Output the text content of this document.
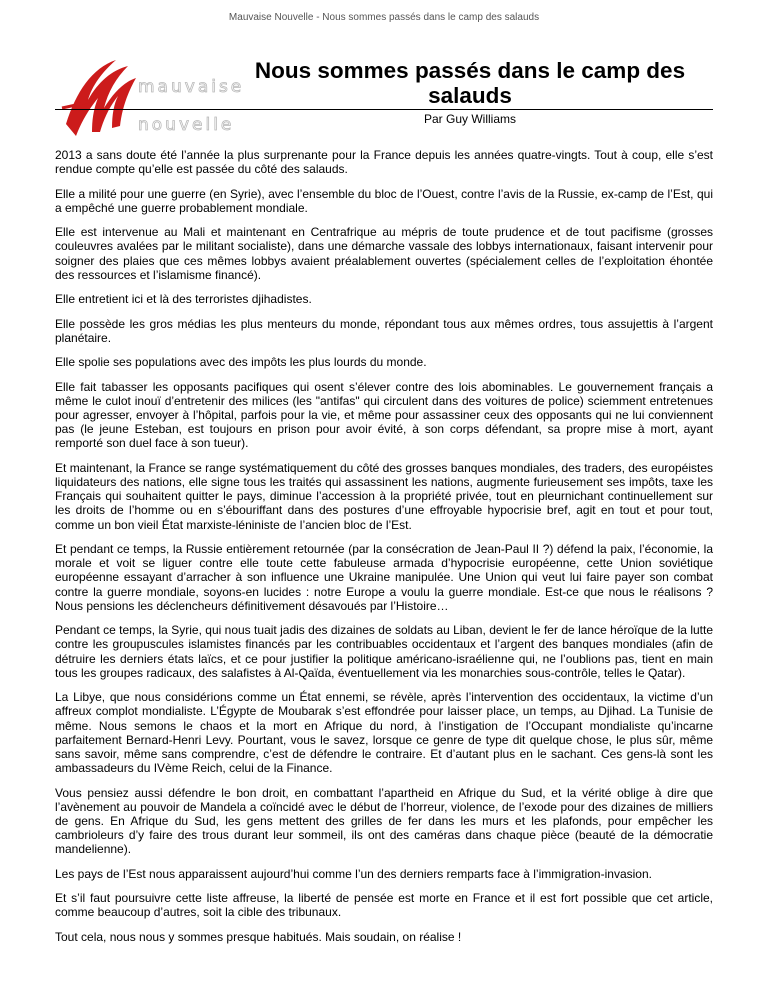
Mauvaise Nouvelle - Nous sommes passés dans le camp des salauds
mauvaise
nouvelle
Nous sommes passés dans le camp des salauds
Par Guy Williams

2013 a sans doute été l’année la plus surprenante pour la France depuis les années quatre-vingts. Tout à coup, elle s’est rendue compte qu’elle est passée du côté des salauds.

Elle a milité pour une guerre (en Syrie), avec l’ensemble du bloc de l’Ouest, contre l’avis de la Russie, ex-camp de l’Est, qui a empêché une guerre probablement mondiale.

Elle est intervenue au Mali et maintenant en Centrafrique au mépris de toute prudence et de tout pacifisme (grosses couleuvres avalées par le militant socialiste), dans une démarche vassale des lobbys internationaux, faisant intervenir pour soigner des plaies que ces mêmes lobbys avaient préalablement ouvertes (spécialement celles de l’exploitation éhontée des ressources et l’islamisme financé).

Elle entretient ici et là des terroristes djihadistes.

Elle possède les gros médias les plus menteurs du monde, répondant tous aux mêmes ordres, tous assujettis à l’argent planétaire.

Elle spolie ses populations avec des impôts les plus lourds du monde.

Elle fait tabasser les opposants pacifiques qui osent s’élever contre des lois abominables. Le gouvernement français a même le culot inouï d’entretenir des milices (les "antifas" qui circulent dans des voitures de police) sciemment entretenues pour agresser, envoyer à l’hôpital, parfois pour la vie, et même pour assassiner ceux des opposants qui ne lui conviennent pas (le jeune Esteban, est toujours en prison pour avoir évité, à son corps défendant, sa propre mise à mort, ayant remporté son duel face à son tueur).

Et maintenant, la France se range systématiquement du côté des grosses banques mondiales, des traders, des européistes liquidateurs des nations, elle signe tous les traités qui assassinent les nations, augmente furieusement ses impôts, taxe les Français qui souhaitent quitter le pays, diminue l’accession à la propriété privée, tout en pleurnichant continuellement sur les droits de l’homme ou en s’ébouriffant dans des postures d’une effroyable hypocrisie bref, agit en tout et pour tout, comme un bon vieil État marxiste-léniniste de l’ancien bloc de l’Est.

Et pendant ce temps, la Russie entièrement retournée (par la consécration de Jean-Paul II ?) défend la paix, l’économie, la morale et voit se liguer contre elle toute cette fabuleuse armada d’hypocrisie européenne, cette Union soviétique européenne essayant d’arracher à son influence une Ukraine manipulée. Une Union qui veut lui faire payer son combat contre la guerre mondiale, soyons-en lucides : notre Europe a voulu la guerre mondiale. Est-ce que nous le réalisons ? Nous pensions les déclencheurs définitivement désavoués par l’Histoire…

Pendant ce temps, la Syrie, qui nous tuait jadis des dizaines de soldats au Liban, devient le fer de lance héroïque de la lutte contre les groupuscules islamistes financés par les contribuables occidentaux et l’argent des banques mondiales (afin de détruire les derniers états laïcs, et ce pour justifier la politique américano-israélienne qui, ne l’oublions pas, tient en main tous les groupes radicaux, des salafistes à Al-Qaïda, éventuellement via les monarchies sous-contrôle, telles le Qatar).

La Libye, que nous considérions comme un État ennemi, se révèle, après l’intervention des occidentaux, la victime d’un affreux complot mondialiste. L’Égypte de Moubarak s’est effondrée pour laisser place, un temps, au Djihad. La Tunisie de même. Nous semons le chaos et la mort en Afrique du nord, à l’instigation de l’Occupant mondialiste qu’incarne parfaitement Bernard-Henri Levy. Pourtant, vous le savez, lorsque ce genre de type dit quelque chose, le plus sûr, même sans savoir, même sans comprendre, c’est de défendre le contraire. Et d’autant plus en le sachant. Ces gens-là sont les ambassadeurs du IVème Reich, celui de la Finance.

Vous pensiez aussi défendre le bon droit, en combattant l’apartheid en Afrique du Sud, et la vérité oblige à dire que l’avènement au pouvoir de Mandela a coïncidé avec le début de l’horreur, violence, de l’exode pour des dizaines de milliers de gens. En Afrique du Sud, les gens mettent des grilles de fer dans les murs et les plafonds, pour empêcher les cambrioleurs d’y faire des trous durant leur sommeil, ils ont des caméras dans chaque pièce (beauté de la démocratie mandelienne).

Les pays de l’Est nous apparaissent aujourd’hui comme l’un des derniers remparts face à l’immigration-invasion.

Et s’il faut poursuivre cette liste affreuse, la liberté de pensée est morte en France et il est fort possible que cet article, comme beaucoup d’autres, soit la cible des tribunaux.

Tout cela, nous nous y sommes presque habitués. Mais soudain, on réalise !
